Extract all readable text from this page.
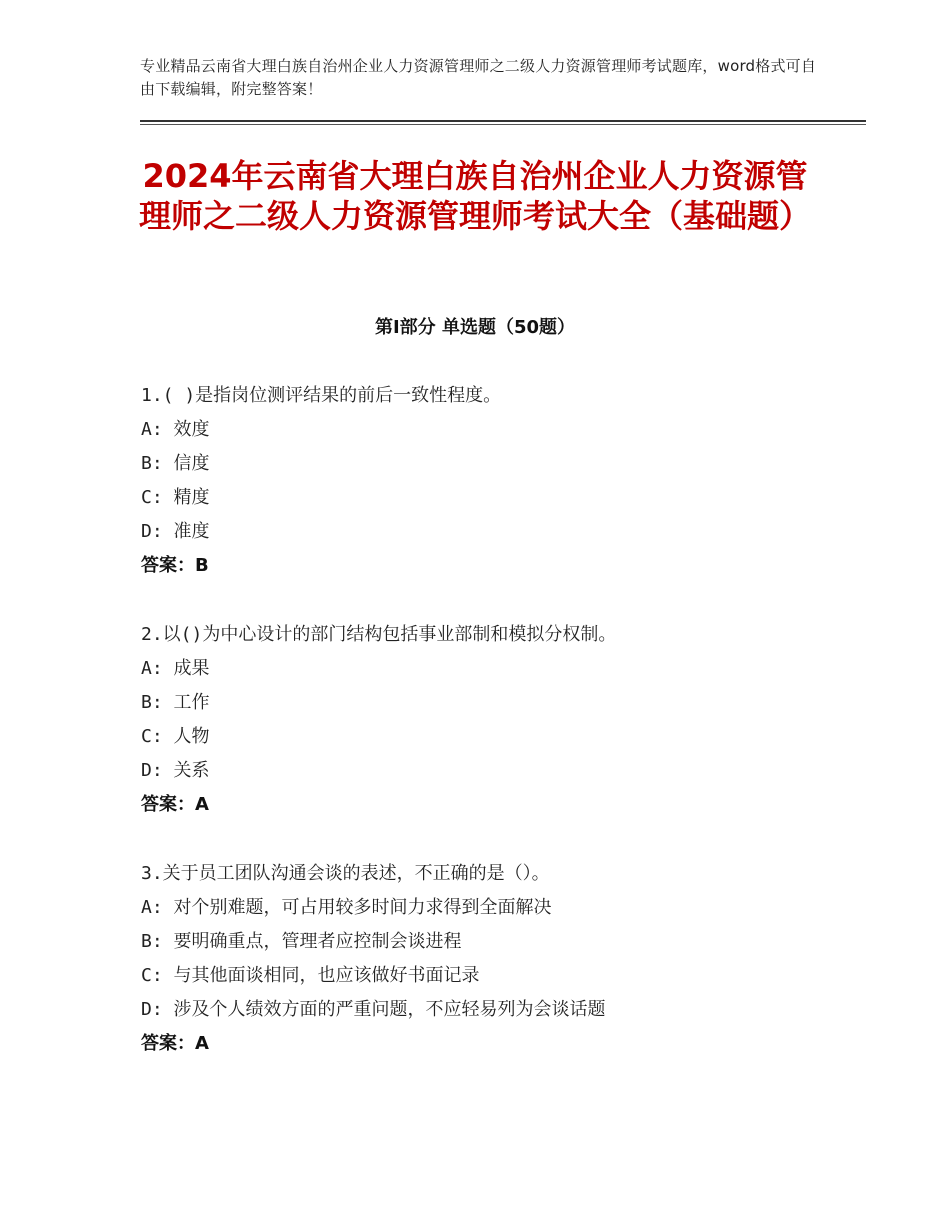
专业精品云南省大理白族自治州企业人力资源管理师之二级人力资源管理师考试题库，word格式可自由下载编辑，附完整答案！
2024年云南省大理白族自治州企业人力资源管理师之二级人力资源管理师考试大全（基础题）
第Ⅰ部分 单选题（50题）
1.( )是指岗位测评结果的前后一致性程度。
A: 效度
B: 信度
C: 精度
D: 准度
答案：B
2.以()为中心设计的部门结构包括事业部制和模拟分权制。
A: 成果
B: 工作
C: 人物
D: 关系
答案：A
3.关于员工团队沟通会谈的表述，不正确的是（）。
A: 对个别难题，可占用较多时间力求得到全面解决
B: 要明确重点，管理者应控制会谈进程
C: 与其他面谈相同，也应该做好书面记录
D: 涉及个人绩效方面的严重问题，不应轻易列为会谈话题
答案：A
